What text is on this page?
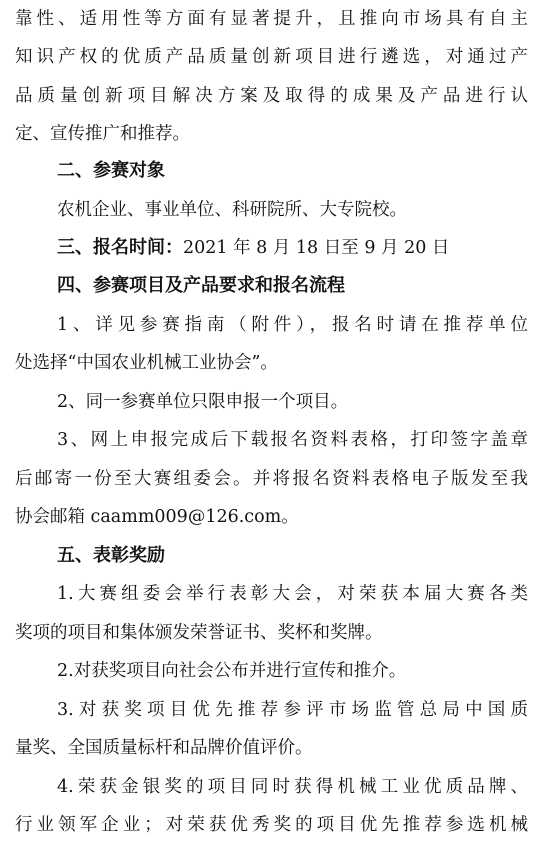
靠性、适用性等方面有显著提升，且推向市场具有自主
知识产权的优质产品质量创新项目进行遴选，对通过产
品质量创新项目解决方案及取得的成果及产品进行认
定、宣传推广和推荐。
二、参赛对象
农机企业、事业单位、科研院所、大专院校。
三、报名时间：2021 年 8 月 18 日至 9 月 20 日
四、参赛项目及产品要求和报名流程
1、详见参赛指南（附件），报名时请在推荐单位
处选择“中国农业机械工业协会”。
2、同一参赛单位只限申报一个项目。
3、网上申报完成后下载报名资料表格，打印签字盖章
后邮寄一份至大赛组委会。并将报名资料表格电子版发至我
协会邮箱 caamm009@126.com。
五、表彰奖励
1.大赛组委会举行表彰大会，对荣获本届大赛各类
奖项的项目和集体颁发荣誉证书、奖杯和奖牌。
2.对获奖项目向社会公布并进行宣传和推介。
3.对获奖项目优先推荐参评市场监管总局中国质
量奖、全国质量标杆和品牌价值评价。
4.荣获金银奖的项目同时获得机械工业优质品牌、
行业领军企业；对荣获优秀奖的项目优先推荐参选机械
